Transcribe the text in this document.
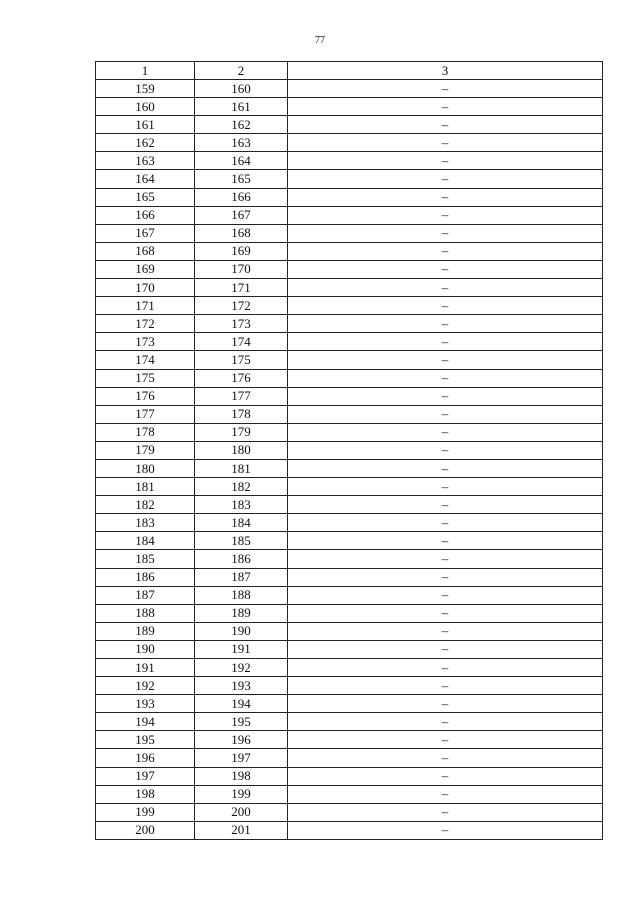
77
1	2	3
159	160	–
160	161	–
161	162	–
162	163	–
163	164	–
164	165	–
165	166	–
166	167	–
167	168	–
168	169	–
169	170	–
170	171	–
171	172	–
172	173	–
173	174	–
174	175	–
175	176	–
176	177	–
177	178	–
178	179	–
179	180	–
180	181	–
181	182	–
182	183	–
183	184	–
184	185	–
185	186	–
186	187	–
187	188	–
188	189	–
189	190	–
190	191	–
191	192	–
192	193	–
193	194	–
194	195	–
195	196	–
196	197	–
197	198	–
198	199	–
199	200	–
200	201	–
